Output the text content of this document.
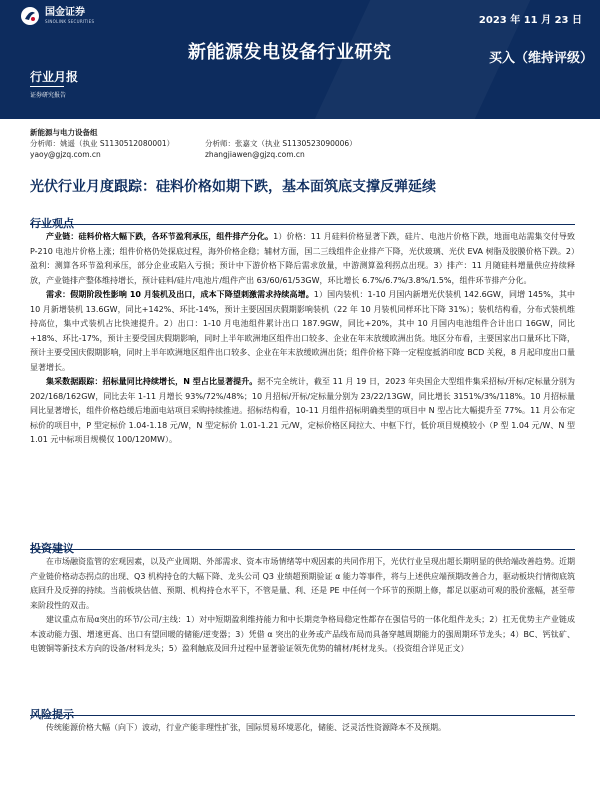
国金证券
SINOLINK SECURITIES	2023 年 11 月 23 日
新能源发电设备行业研究	买入（维持评级）
行业月报
证券研究报告
新能源与电力设备组
分析师：姚遥（执业 S1130512080001）	分析师：张嘉文（执业 S1130523090006）
yaoy@gjzq.com.cn	zhangjiawen@gjzq.com.cn
光伏行业月度跟踪：硅料价格如期下跌，基本面筑底支撑反弹延续
行业观点

产业链：硅料价格大幅下跌，各环节盈利承压，组件排产分化。1）价格：11 月硅料价格显著下跌，硅片、电池片价格下跌，地面电站需集交付导致 P-210 电池片价格上涨；组件价格仍处探底过程，海外价格企稳；辅材方面，国二三线组件企业排产下降，光伏玻璃、光伏 EVA 树脂及胶膜价格下跌。2）盈利：测算各环节盈利承压，部分企业或陷入亏损；预计中下游价格下降后需求放量，中游测算盈利拐点出现。3）排产：11 月随硅料增量供应持续释放，产业链排产整体维持增长，预计硅料/硅片/电池片/组件产出 63/60/61/53GW，环比增长 6.7%/6.7%/3.8%/1.5%，组件环节排产分化。

需求：假期阶段性影响 10 月装机及出口，成本下降望刺激需求持续高增。1）国内装机：1-10 月国内新增光伏装机 142.6GW，同增 145%，其中 10 月新增装机 13.6GW，同比+142%、环比-14%，预计主要因国庆假期影响装机（22 年 10 月装机同样环比下降 31%）；装机结构看，分布式装机维持高位，集中式装机占比快速提升。2）出口：1-10 月电池组件累计出口 187.9GW，同比+20%，其中 10 月国内电池组件合计出口 16GW，同比+18%、环比-17%，预计主要受国庆假期影响，同时上半年欧洲地区组件出口较多、企业在年末放缓欧洲出货。地区分布看，主要国家出口量环比下降，预计主要受国庆假期影响，同时上半年欧洲地区组件出口较多、企业在年末放缓欧洲出货；组件价格下降一定程度抵消印度 BCD 关税，8 月起印度出口量显著增长。

集采数据跟踪：招标量同比持续增长，N 型占比显著提升。据不完全统计，截至 11 月 19 日，2023 年央国企大型组件集采招标/开标/定标量分别为 202/168/162GW，同比去年 1-11 月增长 93%/72%/48%；10 月招标/开标/定标量分别为 23/22/13GW，同比增长 3151%/3%/118%。10 月招标量同比显著增长，组件价格趋缓后地面电站项目采购持续推进。招标结构看，10-11 月组件招标明确类型的项目中 N 型占比大幅提升至 77%。11 月公布定标价的项目中，P 型定标价 1.04-1.18 元/W，N 型定标价 1.01-1.21 元/W，定标价格区间拉大、中枢下行，低价项目规模较小（P 型 1.04 元/W、N 型 1.01 元中标项目规模仅 100/120MW）。

投资建议

在市场融资监管的宏观因素，以及产业周期、外部需求、资本市场情绪等中观因素的共同作用下，光伏行业呈现出超长期明显的供给端改善趋势。近期产业链价格动态拐点的出现、Q3 机构持仓的大幅下降、龙头公司 Q3 业绩超预期验证 α 能力等事件，将与上述供应端预期改善合力，驱动板块行情彻底筑底回升及反弹的持续。当前板块估值、预期、机构持仓水平下，不管是量、利、还是 PE 中任何一个环节的预期上修，都足以驱动可观的股价涨幅，甚至带来阶段性的双击。

建议重点布局α突出的环节/公司/主线：1）对中短期盈利维持能力和中长期竞争格局稳定性都存在强信号的一体化组件龙头；2）扛无优势主产业链成本波动能力强、增速更高、出口有望回暖的储能/逆变器；3）凭借 α 突出的业务或产品线布局而具备穿越周期能力的强周期环节龙头；4）BC、钙钛矿、电镀铜等新技术方向的设备/材料龙头；5）盈利触底及回升过程中显著验证领先优势的辅材/耗材龙头。（投资组合详见正文）

风险提示

传统能源价格大幅（向下）波动，行业产能非理性扩张，国际贸易环境恶化，储能、泛灵活性资源降本不及预期。
